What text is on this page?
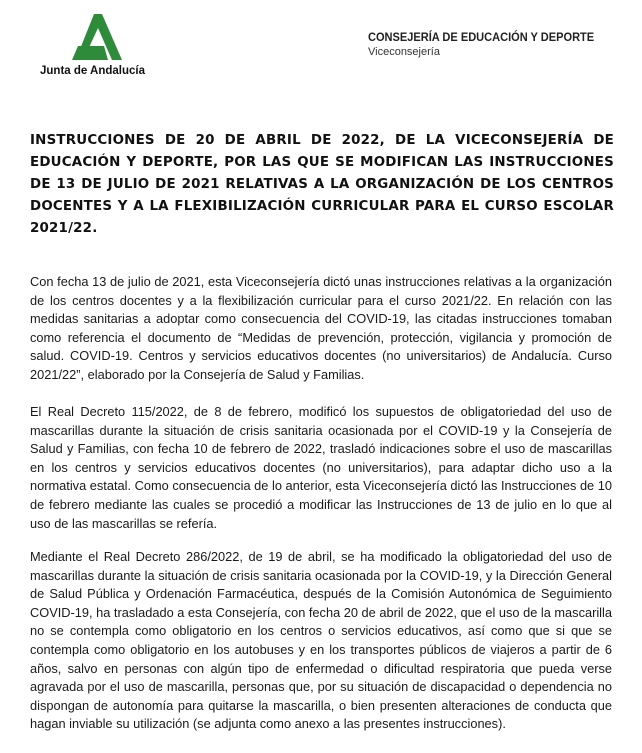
Junta de Andalucía
CONSEJERÍA DE EDUCACIÓN Y DEPORTE
Viceconsejería
INSTRUCCIONES DE 20 DE ABRIL DE 2022, DE LA VICECONSEJERÍA DE EDUCACIÓN Y DEPORTE, POR LAS QUE SE MODIFICAN LAS INSTRUCCIONES DE 13 DE JULIO DE 2021 RELATIVAS A LA ORGANIZACIÓN DE LOS CENTROS DOCENTES Y A LA FLEXIBILIZACIÓN CURRICULAR PARA EL CURSO ESCOLAR 2021/22.
Con fecha 13 de julio de 2021, esta Viceconsejería dictó unas instrucciones relativas a la organización de los centros docentes y a la flexibilización curricular para el curso 2021/22. En relación con las medidas sanitarias a adoptar como consecuencia del COVID-19, las citadas instrucciones tomaban como referencia el documento de “Medidas de prevención, protección, vigilancia y promoción de salud. COVID-19. Centros y servicios educativos docentes (no universitarios) de Andalucía. Curso 2021/22”, elaborado por la Consejería de Salud y Familias.
El Real Decreto 115/2022, de 8 de febrero, modificó los supuestos de obligatoriedad del uso de mascarillas durante la situación de crisis sanitaria ocasionada por el COVID-19 y la Consejería de Salud y Familias, con fecha 10 de febrero de 2022, trasladó indicaciones sobre el uso de mascarillas en los centros y servicios educativos docentes (no universitarios), para adaptar dicho uso a la normativa estatal. Como consecuencia de lo anterior, esta Viceconsejería dictó las Instrucciones de 10 de febrero mediante las cuales se procedió a modificar las Instrucciones de 13 de julio en lo que al uso de las mascarillas se refería.
Mediante el Real Decreto 286/2022, de 19 de abril, se ha modificado la obligatoriedad del uso de mascarillas durante la situación de crisis sanitaria ocasionada por la COVID-19, y la Dirección General de Salud Pública y Ordenación Farmacéutica, después de la Comisión Autonómica de Seguimiento COVID-19, ha trasladado a esta Consejería, con fecha 20 de abril de 2022, que el uso de la mascarilla no se contempla como obligatorio en los centros o servicios educativos, así como que si que se contempla como obligatorio en los autobuses y en los transportes públicos de viajeros a partir de 6 años, salvo en personas con algún tipo de enfermedad o dificultad respiratoria que pueda verse agravada por el uso de mascarilla, personas que, por su situación de discapacidad o dependencia no dispongan de autonomía para quitarse la mascarilla, o bien presenten alteraciones de conducta que hagan inviable su utilización (se adjunta como anexo a las presentes instrucciones).
